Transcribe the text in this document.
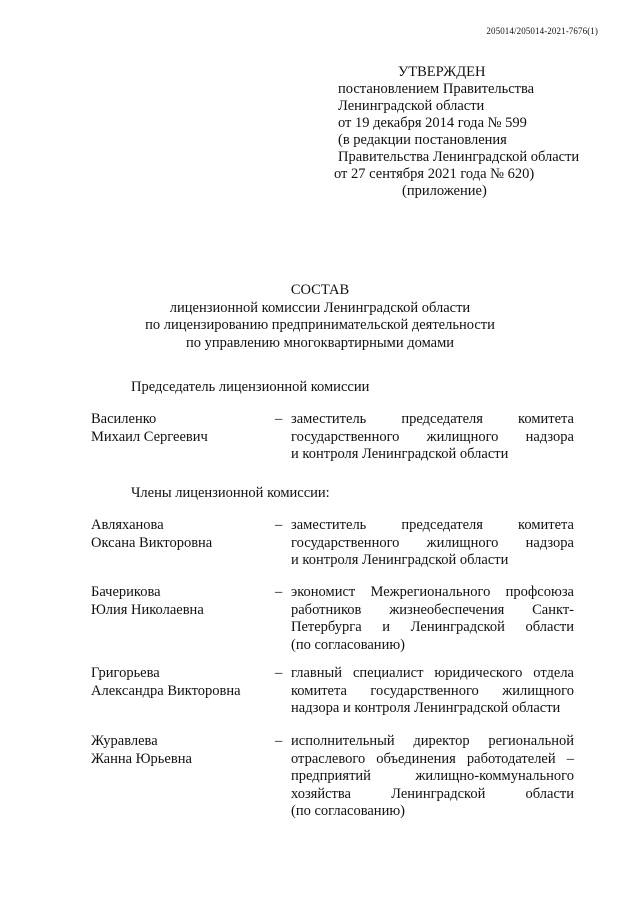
205014/205014-2021-7676(1)
УТВЕРЖДЕН
постановлением Правительства
Ленинградской области
от 19 декабря 2014 года № 599
(в редакции постановления
Правительства Ленинградской области
от 27 сентября 2021 года № 620)
(приложение)
СОСТАВ
лицензионной комиссии Ленинградской области
по лицензированию предпринимательской деятельности
по управлению многоквартирными домами
Председатель лицензионной комиссии
Василенко
Михаил Сергеевич
– заместитель председателя комитета
государственного жилищного надзора
и контроля Ленинградской области
Члены лицензионной комиссии:
Авляханова
Оксана Викторовна
– заместитель председателя комитета
государственного жилищного надзора
и контроля Ленинградской области
Бачерикова
Юлия Николаевна
– экономист Межрегионального профсоюза
работников жизнеобеспечения Санкт-
Петербурга и Ленинградской области
(по согласованию)
Григорьева
Александра Викторовна
– главный специалист юридического отдела
комитета государственного жилищного
надзора и контроля Ленинградской области
Журавлева
Жанна Юрьевна
– исполнительный директор региональной
отраслевого объединения работодателей –
предприятий	жилищно-коммунального
хозяйства	Ленинградской	области
(по согласованию)
